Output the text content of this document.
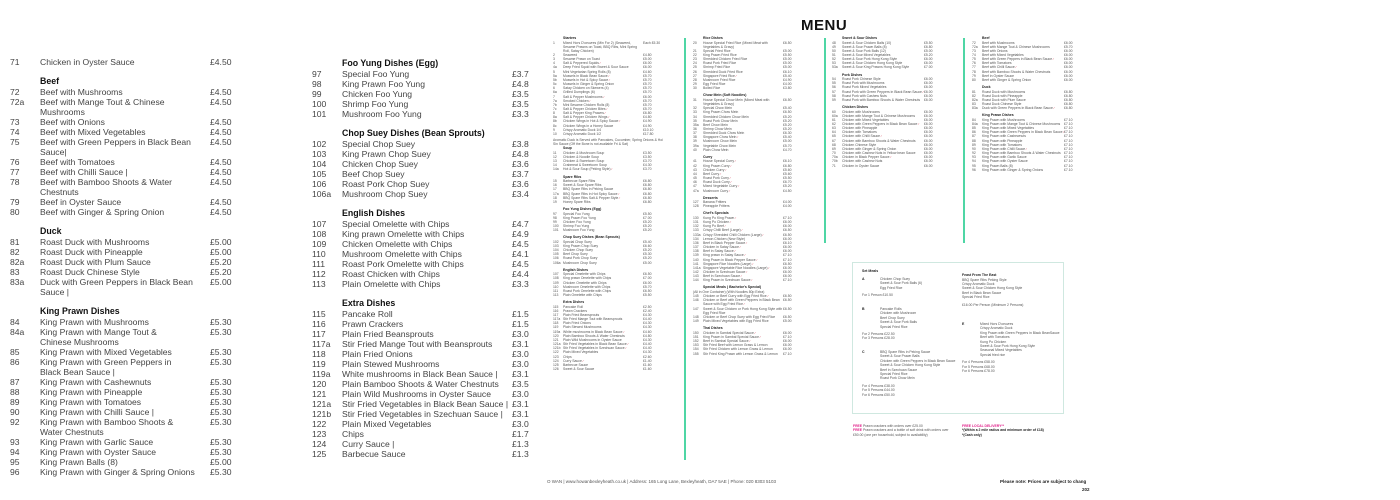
71	Chicken in Oyster Sauce	£4.50
Beef
72	Beef with Mushrooms	£4.50
72a	Beef with Mange Tout & Chinese Mushrooms
£4.50
73	Beef with Onions	£4.50
74	Beef with Mixed Vegetables	£4.50
75	Beef with Green Peppers in Black Bean Sauce|
£4.50
76	Beef with Tomatoes	£4.50
77	Beef with Chilli Sauce |	£4.50
78	Beef with Bamboo Shoots & Water Chestnuts
£4.50
79	Beef in Oyster Sauce	£4.50
80	Beef with Ginger & Spring Onion	£4.50
Duck
81	Roast Duck with Mushrooms	£5.00
82	Roast Duck with Pineapple	£5.00
82a	Roast Duck with Plum Sauce	£5.20
83	Roast Duck Chinese Style	£5.20
83a	Duck with Green Peppers in Black Bean Sauce |
£5.00
King Prawn Dishes
84	King Prawn with Mushrooms	£5.30
84a	King Prawn with Mange Tout &	£5.30
Chinese Mushrooms
85	King Prawn with Mixed Vegetables	£5.30
86	King Prawn with Green Peppers in	£5.30
Black Bean Sauce |
87	King Prawn with Cashewnuts	£5.30
88	King Prawn with Pineapple	£5.30
89	King Prawn with Tomatoes	£5.30
90	King Prawn with Chilli Sauce |	£5.30
92	King Prawn with Bamboo Shoots &	£5.30
Water Chestnuts
93	King Prawn with Garlic Sauce	£5.30
94	King Prawn with Oyster Sauce	£5.30
95	King Prawn Balls (8)	£5.00
96	King Prawn with Ginger & Spring Onions	£5.30
Foo Yung Dishes (Egg)
97	Special Foo Yung	£3.7
98	King Prawn Foo Yung	£4.8
99	Chicken Foo Yung	£3.5
100	Shrimp Foo Yung	£3.5
101	Mushroom Foo Yung	£3.3
Chop Suey Dishes (Bean Sprouts)
102	Special Chop Suey	£3.8
103	King Prawn Chop Suey	£4.8
104	Chicken Chop Suey	£3.6
105	Beef Chop Suey	£3.7
106	Roast Pork Chop Suey	£3.6
106a	Mushroom Chop Suey	£3.4
English Dishes
107	Special Omelette with Chips	£4.7
108	King prawn Omelette with Chips	£4.9
109	Chicken Omelette with Chips	£4.5
110	Mushroom Omelette with Chips	£4.1
111	Roast Pork Omelette with Chips	£4.5
112	Roast Chicken with Chips	£4.4
113	Plain Omelette with Chips	£3.3
Extra Dishes
115	Pancake Roll	£1.5
116	Prawn Crackers	£1.5
117	Plain Fried Beansprouts	£3.0
117a	Stir Fried Mange Tout with Beansprouts	£3.1
118	Plain Fried Onions	£3.0
119	Plain Stewed Mushrooms	£3.0
119a	White mushrooms in Black Bean Sauce |	£3.1
120	Plain Bamboo Shoots & Water Chestnuts	£3.5
121	Plain Wild Mushrooms in Oyster Sauce	£3.0
121a	Stir Fried Vegetables in Black Bean Sauce | £3.1
121b	Stir Fried Vegetables in Szechuan Sauce |	£3.1
122	Plain Mixed Vegetables	£3.0
123	Chips	£1.7
124	Curry Sauce |	£1.3
125	Barbecue Sauce	£1.3
MENU
Starters
1	Mixed Hors D'oeuvres (Min For 2) (Seaweed, Sesame Prawns on Toast, BBQ Ribs, Mini Spring Roll, Satay Chicken)
Each £5.30
2	Seaweed	£4.80
3	Sesame Prawn on Toast	£5.00
4	Salt & Peppered Squids∕	£6.00
4a	Deep Fried Squid with Sweet & Sour Sauce	£6.00
5	Mini Vegetarian Spring Rolls (8)	£4.60
5a	Mussels in Black Bean Sauce∕	£5.70
5b	Mussels in Hot & Spicy Sauce∕	£5.70
5c	Mussels in Ginger & Spring Onion	£5.70
6	Satay Chicken on Skewers (4)	£5.70
6a	Grilled Dumplings (6)	£5.70
7	Salt & Pepper Mushrooms∕	£6.00
7a	Smoked Chicken∕	£5.70
7b	Mini Sesame Chicken Rolls (8)	£5.70
7c	Salt & Pepper Chicken Bites∕	£5.70
8	Salt & Pepper King Prawns∕	£6.80
8a	Salt & Pepper Chicken Wings∕	£4.80
8b	Chicken Wings in Hot & Spicy Sauce∕	£4.90
8c	Chicken Wings in a Honey Sauce	£4.90
9	Crispy Aromatic Duck 1/4	£10.10
10	Crispy Aromatic Duck 1/2	£17.80
Aromatic Duck is Served with Pancakes, Cucumber, Spring Onions & Hoi Sin Sauce (Off the Bone is not available Fri & Sat)
Soup
11	Chicken & Mushroom Soup	£3.50
12	Chicken & Noodle Soup	£3.50
13	Chicken & Sweetcorn Soup	£3.70
14	Crabmeat & Sweetcorn Soup	£4.30
14a	Hot & Sour Soup (Peking Style)∕	£3.70
Spare Ribs
15	Barbecue Spare Ribs	£6.80
16	Sweet & Sour Spare Ribs	£6.80
17	BBQ Spare Ribs in Peking Sauce	£6.80
17a	BBQ Spare Ribs in Hot Spicy Sauce∕	£6.80
18	BBQ Spare Ribs Salt & Pepper Style∕	£6.80
19	Honey Spare Ribs	£6.80
Foo Yung Dishes (Egg)
97	Special Foo Yung	£5.50
98	King Prawn Foo Yung	£7.00
99	Chicken Foo Yung	£5.20
100	Shrimp Foo Yung	£5.20
101	Mushroom Foo Yung	£5.20
Chop Suey Dishes (Bean Sprouts)
102	Special Chop Suey	£5.40
103	King Prawn Chop Suey	£6.60
104	Chicken Chop Suey	£5.20
105	Beef Chop Suey	£5.30
106	Roast Pork Chop Suey	£5.20
106a Mushroom Chop Suey	£5.00
English Dishes
107	Special Omelette with Chips	£6.50
108	King prawn Omelette with Chips	£7.00
109	Chicken Omelette with Chips	£6.00
110	Mushroom Omelette with Chips	£5.70
111	Roast Pork Omelette with Chips	£6.50
113	Plain Omelette with Chips	£5.50
Extra Dishes
115	Pancake Roll	£2.50
116	Prawn Crackers	£2.40
117	Plain Fried Beansprouts	£4.30
117a Stir Fried Mange Tout with Beansprouts	£4.40
118	Plain Fried Onions	£4.30
119	Plain Stewed Mushrooms	£4.30
119a White mushrooms in Black Bean Sauce∕	£4.60
120	Plain Bamboo Shoots & Water Chestnuts	£4.80
121	Plain Wild Mushrooms in Oyster Sauce	£4.30
121a Stir Fried Vegetables in Black Bean Sauce∕	£4.40
121b Stir Fried Vegetables in Szechuan Sauce∕	£4.40
122	Plain Mixed Vegetables	£4.30
123	Chips	£2.60
124	Curry Sauce∕	£1.40
125	Barbecue Sauce	£1.60
126	Sweet & Sour Sauce	£1.60
Rice Dishes
20	House Special Fried Rice (Mixed Meat with Vegetables & Gravy)
£6.50
21	Special Fried Rice	£5.00
22	King Prawn Fried Rice	£5.50
23	Shredded Chicken Fried Rice	£5.00
24	Roast Pork Fried Rice	£5.00
25	Shrimp Fried Rice	£5.00
26	Shredded Duck Fried Rice	£6.10
27	Singapore Fried Rice∕	£5.40
28	Mushroom Fried Rice	£4.90
29	Egg Fried Rice	£4.00
30	Boiled Rice	£3.80
Chow Mein (Soft Noodles)
31	House Special Chow Mein (Mixed Meat with Vegetables & Gravy)
£6.50
32	Special Chow Mein	£5.40
33	King Prawn Chow Mein	£6.50
34	Shredded Chicken Chow Mein	£5.20
35	Roast Pork Chow Mein	£5.20
35a	Beef Chow Mein	£5.20
36	Shrimp Chow Mein	£5.20
37	Shredded Duck Chow Mein	£6.30
38	Singapore Chow Mein∕	£5.40
39	Mushroom Chow Mein	£5.00
39a	Vegetable Chow Mein	£5.70
40	Plain Chow Mein	£4.70
Curry
41	House Special Curry∕	£6.10
42	King Prawn Curry∕	£6.80
43	Chicken Curry∕	£5.60
44	Beef Curry∕	£5.60
45	Roast Pork Curry∕	£5.50
46	Roast Duck Curry∕	£6.70
47	Mixed Vegetable Curry∕	£5.20
47a	Mushroom Curry∕	£4.50
Desserts
127	Banana Fritters	£4.00
128	Pineapple Fritters	£4.00
Chef's Specials
130	Kung Po King Prawn∕	£7.10
131	Kung Po Chicken∕	£6.00
132	Kung Po Beef∕	£6.00
133	Crispy Chilli Beef (Large)∕	£6.50
133a Crispy Shredded Chilli Chicken (Large)∕	£6.50
134	Lemon Chicken (New Style)	£6.00
136	Beef in Black Pepper Sauce∕	£6.10
137	Chicken in Satay Sauce∕	£6.00
138	Beef in Satay Sauce∕	£6.00
139	King prawn in Satay Sauce∕	£7.10
140	King Prawn in Black Pepper Sauce∕	£7.10
141	Singapore Rice Noodles (Large)∕	£6.50
141a Singapore Vegetable Rice Noodles (Large)∕	£6.00
142	Chicken in Szechuan Sauce∕	£6.00
143	Beef in Szechuan Sauce∕	£6.00
144	King Prawn in Szechuan Sauce∕	£7.10
Special Meals ( Bachelor's Special)
(All in One Container) (With Noodles 80p Extra)
145	Chicken or Beef Curry with Egg Fried Rice∕	£6.50
146	Chicken or Beef with Green Peppers in Black Bean Sauce with Egg Fried Rice∕
£6.50
147	Sweet & Sour Chicken or Pork Hong Kong Style with Egg Fried Rice
£6.50
148	Chicken or Beef Chop Suey with Egg Fried Rice	£6.50
149	Plain Mixed Vegetables with Egg Fried Rice	£5.00
Thai Dishes
150	Chicken in Sambal Special Sauce∕	£6.00
151	King Prawn in Sambal Special Sauce∕	£7.10
152	Beef in Sambal Special Sauce∕	£6.00
153	Stir Fried Beef with Lemon Grass & Lemon	£6.00
154	Stir Fried Chicken with Lemon Grass & Lemon	£6.00
155	Stir Fried King Prawn with Lemon Grass & Lemon	£7.10
Sweet & Sour Dishes
48	Sweet & Sour Chicken Balls (10)	£5.50
49	Sweet & Sour Prawn Balls (8)	£6.80
50	Sweet & Sour Pork Balls (12)	£5.00
51	Sweet & Sour Mixed Vegetables	£5.20
52	Sweet & Sour Pork Hong Kong Style	£6.00
53	Sweet & Sour Chicken Hong Kong Style	£6.00
53a	Sweet & Sour King Prawns Hong Kong Style	£7.00
Pork Dishes
54	Roast Pork Chinese Style	£6.00
55	Roast Pork with Mushrooms	£6.00
56	Roast Pork Mixed Vegetables	£6.00
57	Roast Pork with Green Peppers in Black Bean Sauce∕ £6.00
58	Roast Pork with Cashew Nuts	£6.00
59	Roast Pork with Bamboo Shoots & Water Chestnuts	£6.00
Chicken Dishes
60	Chicken with Mushrooms	£6.00
60a	Chicken with Mange Tout & Chinese Mushrooms	£6.00
61	Chicken with Mixed Vegetables	£6.00
62	Chicken with Green Peppers in Black Bean Sauce∕	£6.00
63	Chicken with Pineapple	£6.00
64	Chicken with Tomatoes	£6.00
65	Chicken with Chilli Sauce∕	£6.00
67	Chicken with Bamboo Shoots & Water Chestnuts	£6.00
68	Chicken Chinese Style	£6.00
69	Chicken with Ginger & Spring Onion	£6.00
70	Chicken with Cashew Nuts in Yellow bean Sauce	£6.00
70a	Chicken in Black Pepper Sauce∕	£6.00
70b	Chicken with Cashew Nuts	£6.00
71	Chicken in Oyster Sauce	£6.00
Beef
72	Beef with Mushrooms	£6.00
72a	Beef with Mange Tout & Chinese Mushrooms	£5.70
73	Beef with Onions	£6.00
74	Beef with Mixed Vegetables	£6.00
75	Beef with Green Peppers in Black Bean Sauce∕	£6.00
76	Beef with Tomatoes	£6.00
77	Beef with Chilli Sauce∕	£6.00
78	Beef with Bamboo Shoots & Water Chestnuts	£6.00
79	Beef in Oyster Sauce	£6.00
80	Beef with Ginger & Spring Onion	£6.00
Duck
81	Roast Duck with Mushrooms	£6.80
82	Roast Duck with Pineapple	£6.80
82a	Roast Duck with Plum Sauce	£6.80
83	Roast Duck Chinese Style	£6.80
83a	Duck with Green Peppers in Black Bean Sauce∕	£6.80
King Prawn Dishes
84	King Prawn with Mushrooms	£7.10
84a	King Prawn with Mange Tout & Chinese Mushrooms	£7.10
85	King Prawn with Mixed Vegetables	£7.10
86	King Prawn with Green Peppers in Black Bean Sauce∕ £7.10
87	King Prawn with Cashewnuts	£7.10
88	King Prawn with Pineapple	£7.10
89	King Prawn with Tomatoes	£7.10
90	King Prawn with Chilli Sauce∕	£7.10
92	King Prawn with Bamboo Shoots & Water Chestnuts £7.10
93	King Prawn with Garlic Sauce	£7.10
94	King Prawn with Oyster Sauce	£7.10
95	King Prawn Balls (8)	£7.10
96	King Prawn with Ginger & Spring Onions	£7.10
Set Meals
A	Chicken Chop Suey
Sweet & Sour Pork Balls (6)
Egg Fried Rice
For 1 Person £10.50
B	Pancake Rolls
Chicken with Mushroom
Beef Chop Suey
Sweet & Sour Pork Balls
Special Fried Rice
For 2 Persons £22.50
For 3 Persons £28.00
C	BBQ Spare Ribs in Peking Sauce
Sweet & Sour Prawn Balls
Chicken with Green Peppers in Black Bean Sauce
Sweet & Sour Chicken Hong Kong Style
Beef in Szechuan Sauce
Special Fried Rice
Roast Pork Chow Mein
For 4 Persons £38.00
For 5 Persons £44.00
For 6 Persons £50.00
Feast From The East
BBQ Spare Ribs Peking Style
Crispy Aromatic Duck
Sweet & Sour Chicken Hong Kong Style
Beef in Black Bean Sauce
Special Fried Rice
£16.00 Per Person (Minimum 2 Persons)
E	Mixed Hors D'oeuvres
Crispy Aromatic Duck
King Prawn with Green Peppers in Black BeanSauce
Beef with Tomatoes
Kung Po Chicken
Sweet & Sour Pork Hong Kong Style
Seasonal Mixed Vegetables
Special fried rice
For 4 Persons £58.00
For 5 Persons £68.00
For 6 Persons £78.00
FREE Prawn crackers with orders over £25.00
FREE Prawn crackers and a bottle of soft drink with orders over £50.00 (one per household, subject to availability)
FREE LOCAL DELIVERY**
*(Within a 2 mile radius and minimum order of £18)
*(Cash only)
O WAN | www.howanbexleyheath.co.uk | Address: 165 Long Lane, Bexleyheath, DA7 5AE | Phone: 020 8303 5103	Please note: Prices are subject to chang
202
